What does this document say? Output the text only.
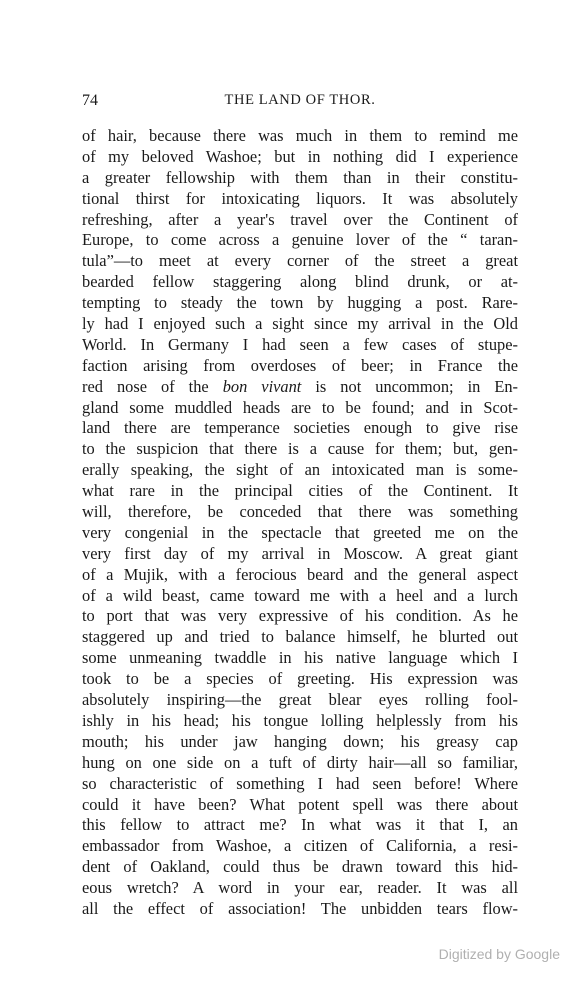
74	THE LAND OF THOR.
of hair, because there was much in them to remind me
of my beloved Washoe; but in nothing did I experience
a greater fellowship with them than in their constitu-
tional thirst for intoxicating liquors. It was absolutely
refreshing, after a year's travel over the Continent of
Europe, to come across a genuine lover of the “ taran-
tula”—to meet at every corner of the street a great
bearded fellow staggering along blind drunk, or at-
tempting to steady the town by hugging a post. Rare-
ly had I enjoyed such a sight since my arrival in the Old
World. In Germany I had seen a few cases of stupe-
faction arising from overdoses of beer; in France the
red nose of the bon vivant is not uncommon; in En-
gland some muddled heads are to be found; and in Scot-
land there are temperance societies enough to give rise
to the suspicion that there is a cause for them; but, gen-
erally speaking, the sight of an intoxicated man is some-
what rare in the principal cities of the Continent. It
will, therefore, be conceded that there was something
very congenial in the spectacle that greeted me on the
very first day of my arrival in Moscow. A great giant
of a Mujik, with a ferocious beard and the general aspect
of a wild beast, came toward me with a heel and a lurch
to port that was very expressive of his condition. As he
staggered up and tried to balance himself, he blurted out
some unmeaning twaddle in his native language which I
took to be a species of greeting. His expression was
absolutely inspiring—the great blear eyes rolling fool-
ishly in his head; his tongue lolling helplessly from his
mouth; his under jaw hanging down; his greasy cap
hung on one side on a tuft of dirty hair—all so familiar,
so characteristic of something I had seen before! Where
could it have been? What potent spell was there about
this fellow to attract me? In what was it that I, an
embassador from Washoe, a citizen of California, a resi-
dent of Oakland, could thus be drawn toward this hid-
eous wretch? A word in your ear, reader. It was all
all the effect of association! The unbidden tears flow-
Digitized by Google
